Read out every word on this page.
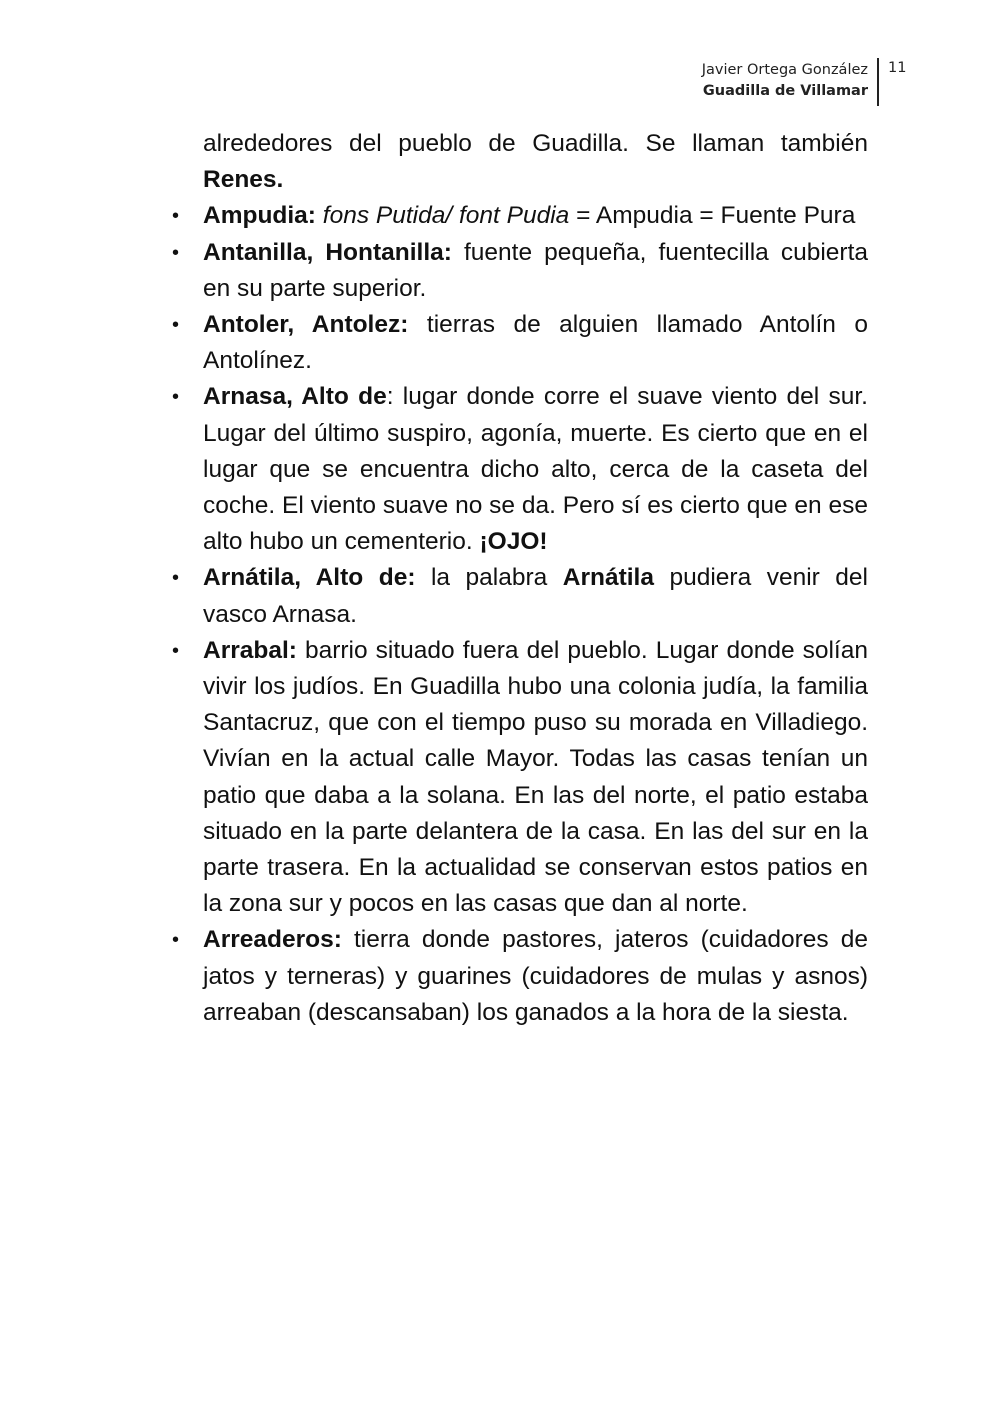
Javier Ortega González
Guadilla de Villamar
11

alrededores del pueblo de Guadilla. Se llaman también Renes.

• Ampudia: fons Putida/ font Pudia = Ampudia = Fuente Pura
• Antanilla, Hontanilla: fuente pequeña, fuentecilla cubierta en su parte superior.
• Antoler, Antolez: tierras de alguien llamado Antolín o Antolínez.
• Arnasa, Alto de: lugar donde corre el suave viento del sur. Lugar del último suspiro, agonía, muerte. Es cierto que en el lugar que se encuentra dicho alto, cerca de la caseta del coche. El viento suave no se da. Pero sí es cierto que en ese alto hubo un cementerio. ¡OJO!
• Arnátila, Alto de: la palabra Arnátila pudiera venir del vasco Arnasa.
• Arrabal: barrio situado fuera del pueblo. Lugar donde solían vivir los judíos. En Guadilla hubo una colonia judía, la familia Santacruz, que con el tiempo puso su morada en Villadiego. Vivían en la actual calle Mayor. Todas las casas tenían un patio que daba a la solana. En las del norte, el patio estaba situado en la parte delantera de la casa. En las del sur en la parte trasera. En la actualidad se conservan estos patios en la zona sur y pocos en las casas que dan al norte.
• Arreaderos: tierra donde pastores, jateros (cuidadores de jatos y terneras) y guarines (cuidadores de mulas y asnos) arreaban (descansaban) los ganados a la hora de la siesta.
